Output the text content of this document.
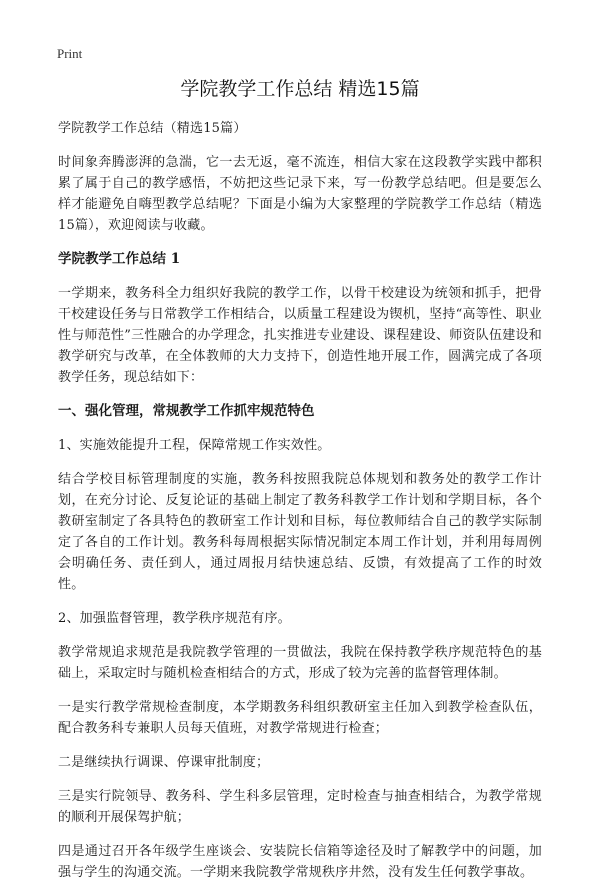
Print
学院教学工作总结 精选15篇

学院教学工作总结（精选15篇）

时间象奔腾澎湃的急湍，它一去无返，毫不流连，相信大家在这段教学实践中都积累了属于自己的教学感悟，不妨把这些记录下来，写一份教学总结吧。但是要怎么样才能避免自嗨型教学总结呢？下面是小编为大家整理的学院教学工作总结（精选15篇），欢迎阅读与收藏。

学院教学工作总结 1

一学期来，教务科全力组织好我院的教学工作，以骨干校建设为统领和抓手，把骨干校建设任务与日常教学工作相结合，以质量工程建设为锲机，坚持“高等性、职业性与师范性”三性融合的办学理念，扎实推进专业建设、课程建设、师资队伍建设和教学研究与改革，在全体教师的大力支持下，创造性地开展工作，圆满完成了各项教学任务，现总结如下：

一、强化管理，常规教学工作抓牢规范特色

1、实施效能提升工程，保障常规工作实效性。

结合学校目标管理制度的实施，教务科按照我院总体规划和教务处的教学工作计划，在充分讨论、反复论证的基础上制定了教务科教学工作计划和学期目标，各个教研室制定了各具特色的教研室工作计划和目标，每位教师结合自己的教学实际制定了各自的工作计划。教务科每周根据实际情况制定本周工作计划，并利用每周例会明确任务、责任到人，通过周报月结快速总结、反馈，有效提高了工作的时效性。

2、加强监督管理，教学秩序规范有序。

教学常规追求规范是我院教学管理的一贯做法，我院在保持教学秩序规范特色的基础上，采取定时与随机检查相结合的方式，形成了较为完善的监督管理体制。

一是实行教学常规检查制度，本学期教务科组织教研室主任加入到教学检查队伍，配合教务科专兼职人员每天值班，对教学常规进行检查；

二是继续执行调课、停课审批制度；

三是实行院领导、教务科、学生科多层管理，定时检查与抽查相结合，为教学常规的顺利开展保驾护航；

四是通过召开各年级学生座谈会、安装院长信箱等途径及时了解教学中的问题，加强与学生的沟通交流。一学期来我院教学常规秩序井然，没有发生任何教学事故。
